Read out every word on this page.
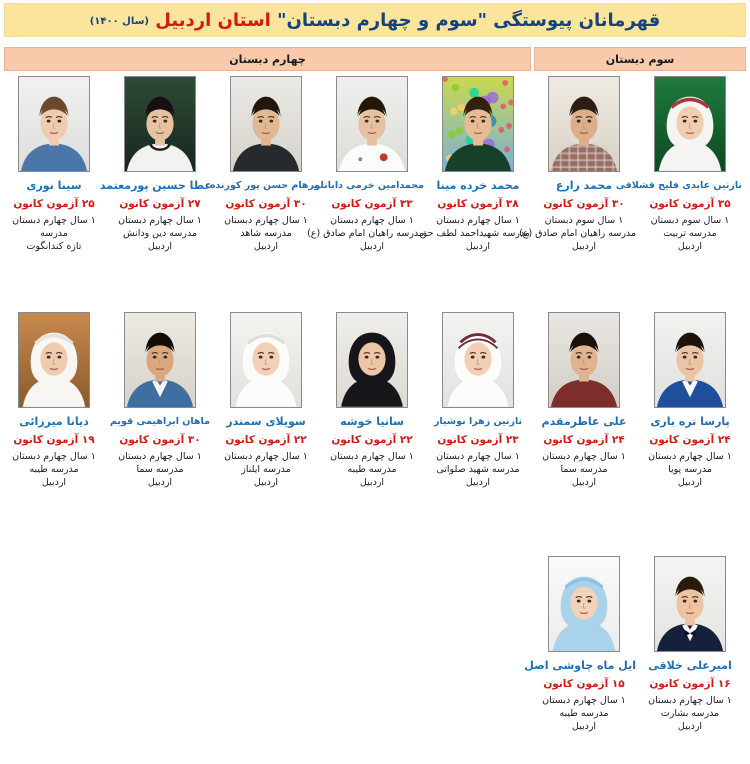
قهرمانان پیوستگی "سوم و چهارم دبستان" استان اردبیل (سال ۱۴۰۰)
سوم دبستان
چهارم دبستان
نازنین عابدی فلیج قشلاقی
۳۵ آزمون کانون
۱ سال سوم دبستان
مدرسه تربیت
اردبیل
محمد زارع
۳۰ آزمون کانون
۱ سال سوم دبستان
مدرسه راهیان امام صادق (ع)
اردبیل
محمد خرده مینا
۳۸ آزمون کانون
۱ سال چهارم دبستان
مدرسه شهیداحمد لطف حق
اردبیل
محمدامین خرمی دابانلو
۳۳ آزمون کانون
۱ سال چهارم دبستان
مدرسه راهیان امام صادق (ع)
اردبیل
پرهام حسن پور کورنده
۳۰ آزمون کانون
۱ سال چهارم دبستان
مدرسه شاهد
اردبیل
عطا حسین پورمعتمد
۲۷ آزمون کانون
۱ سال چهارم دبستان
مدرسه دین ودانش
اردبیل
سینا نوری
۲۵ آزمون کانون
۱ سال چهارم دبستان
مدرسه
تازه کندانگوت
پارسا تره باری
۲۴ آزمون کانون
۱ سال چهارم دبستان
مدرسه پویا
اردبیل
علی عاطرمقدم
۲۴ آزمون کانون
۱ سال چهارم دبستان
مدرسه سما
اردبیل
نازنین زهرا نوشیار
۲۳ آزمون کانون
۱ سال چهارم دبستان
مدرسه شهید صلواتی
اردبیل
سانیا خوشه
۲۲ آزمون کانون
۱ سال چهارم دبستان
مدرسه طیبه
اردبیل
سویلای سمندر
۲۲ آزمون کانون
۱ سال چهارم دبستان
مدرسه ایلناز
اردبیل
ماهان ابراهیمی قویم
۳۰ آزمون کانون
۱ سال چهارم دبستان
مدرسه سما
اردبیل
دیانا میرزائی
۱۹ آزمون کانون
۱ سال چهارم دبستان
مدرسه طیبه
اردبیل
امیرعلی خلاقی
۱۶ آزمون کانون
۱ سال چهارم دبستان
مدرسه بشارت
اردبیل
ایل ماه چاوشی اصل
۱۵ آزمون کانون
۱ سال چهارم دبستان
مدرسه طیبه
اردبیل
